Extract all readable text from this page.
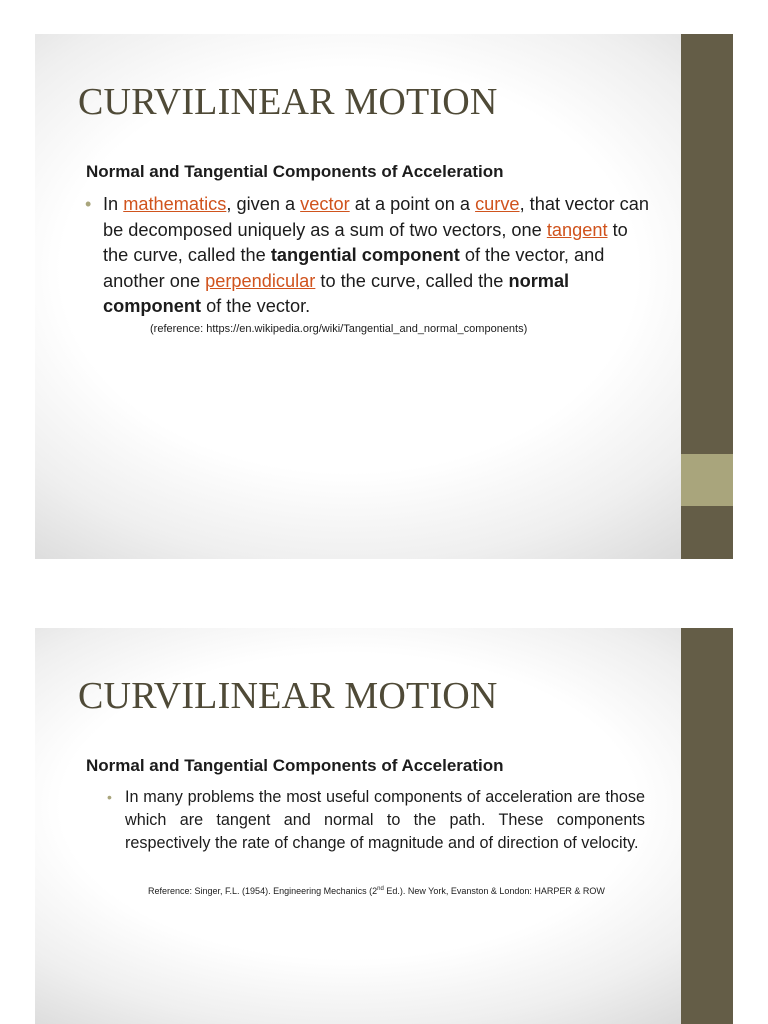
CURVILINEAR MOTION
Normal and Tangential Components of Acceleration
• In mathematics, given a vector at a point on a curve, that vector can be decomposed uniquely as a sum of two vectors, one tangent to the curve, called the tangential component of the vector, and another one perpendicular to the curve, called the normal component of the vector.
(reference: https://en.wikipedia.org/wiki/Tangential_and_normal_components)
CURVILINEAR MOTION
Normal and Tangential Components of Acceleration
• In many problems the most useful components of acceleration are those which are tangent and normal to the path. These components respectively the rate of change of magnitude and of direction of velocity.
Reference: Singer, F.L. (1954). Engineering Mechanics (2nd Ed.). New York, Evanston & London: HARPER & ROW
